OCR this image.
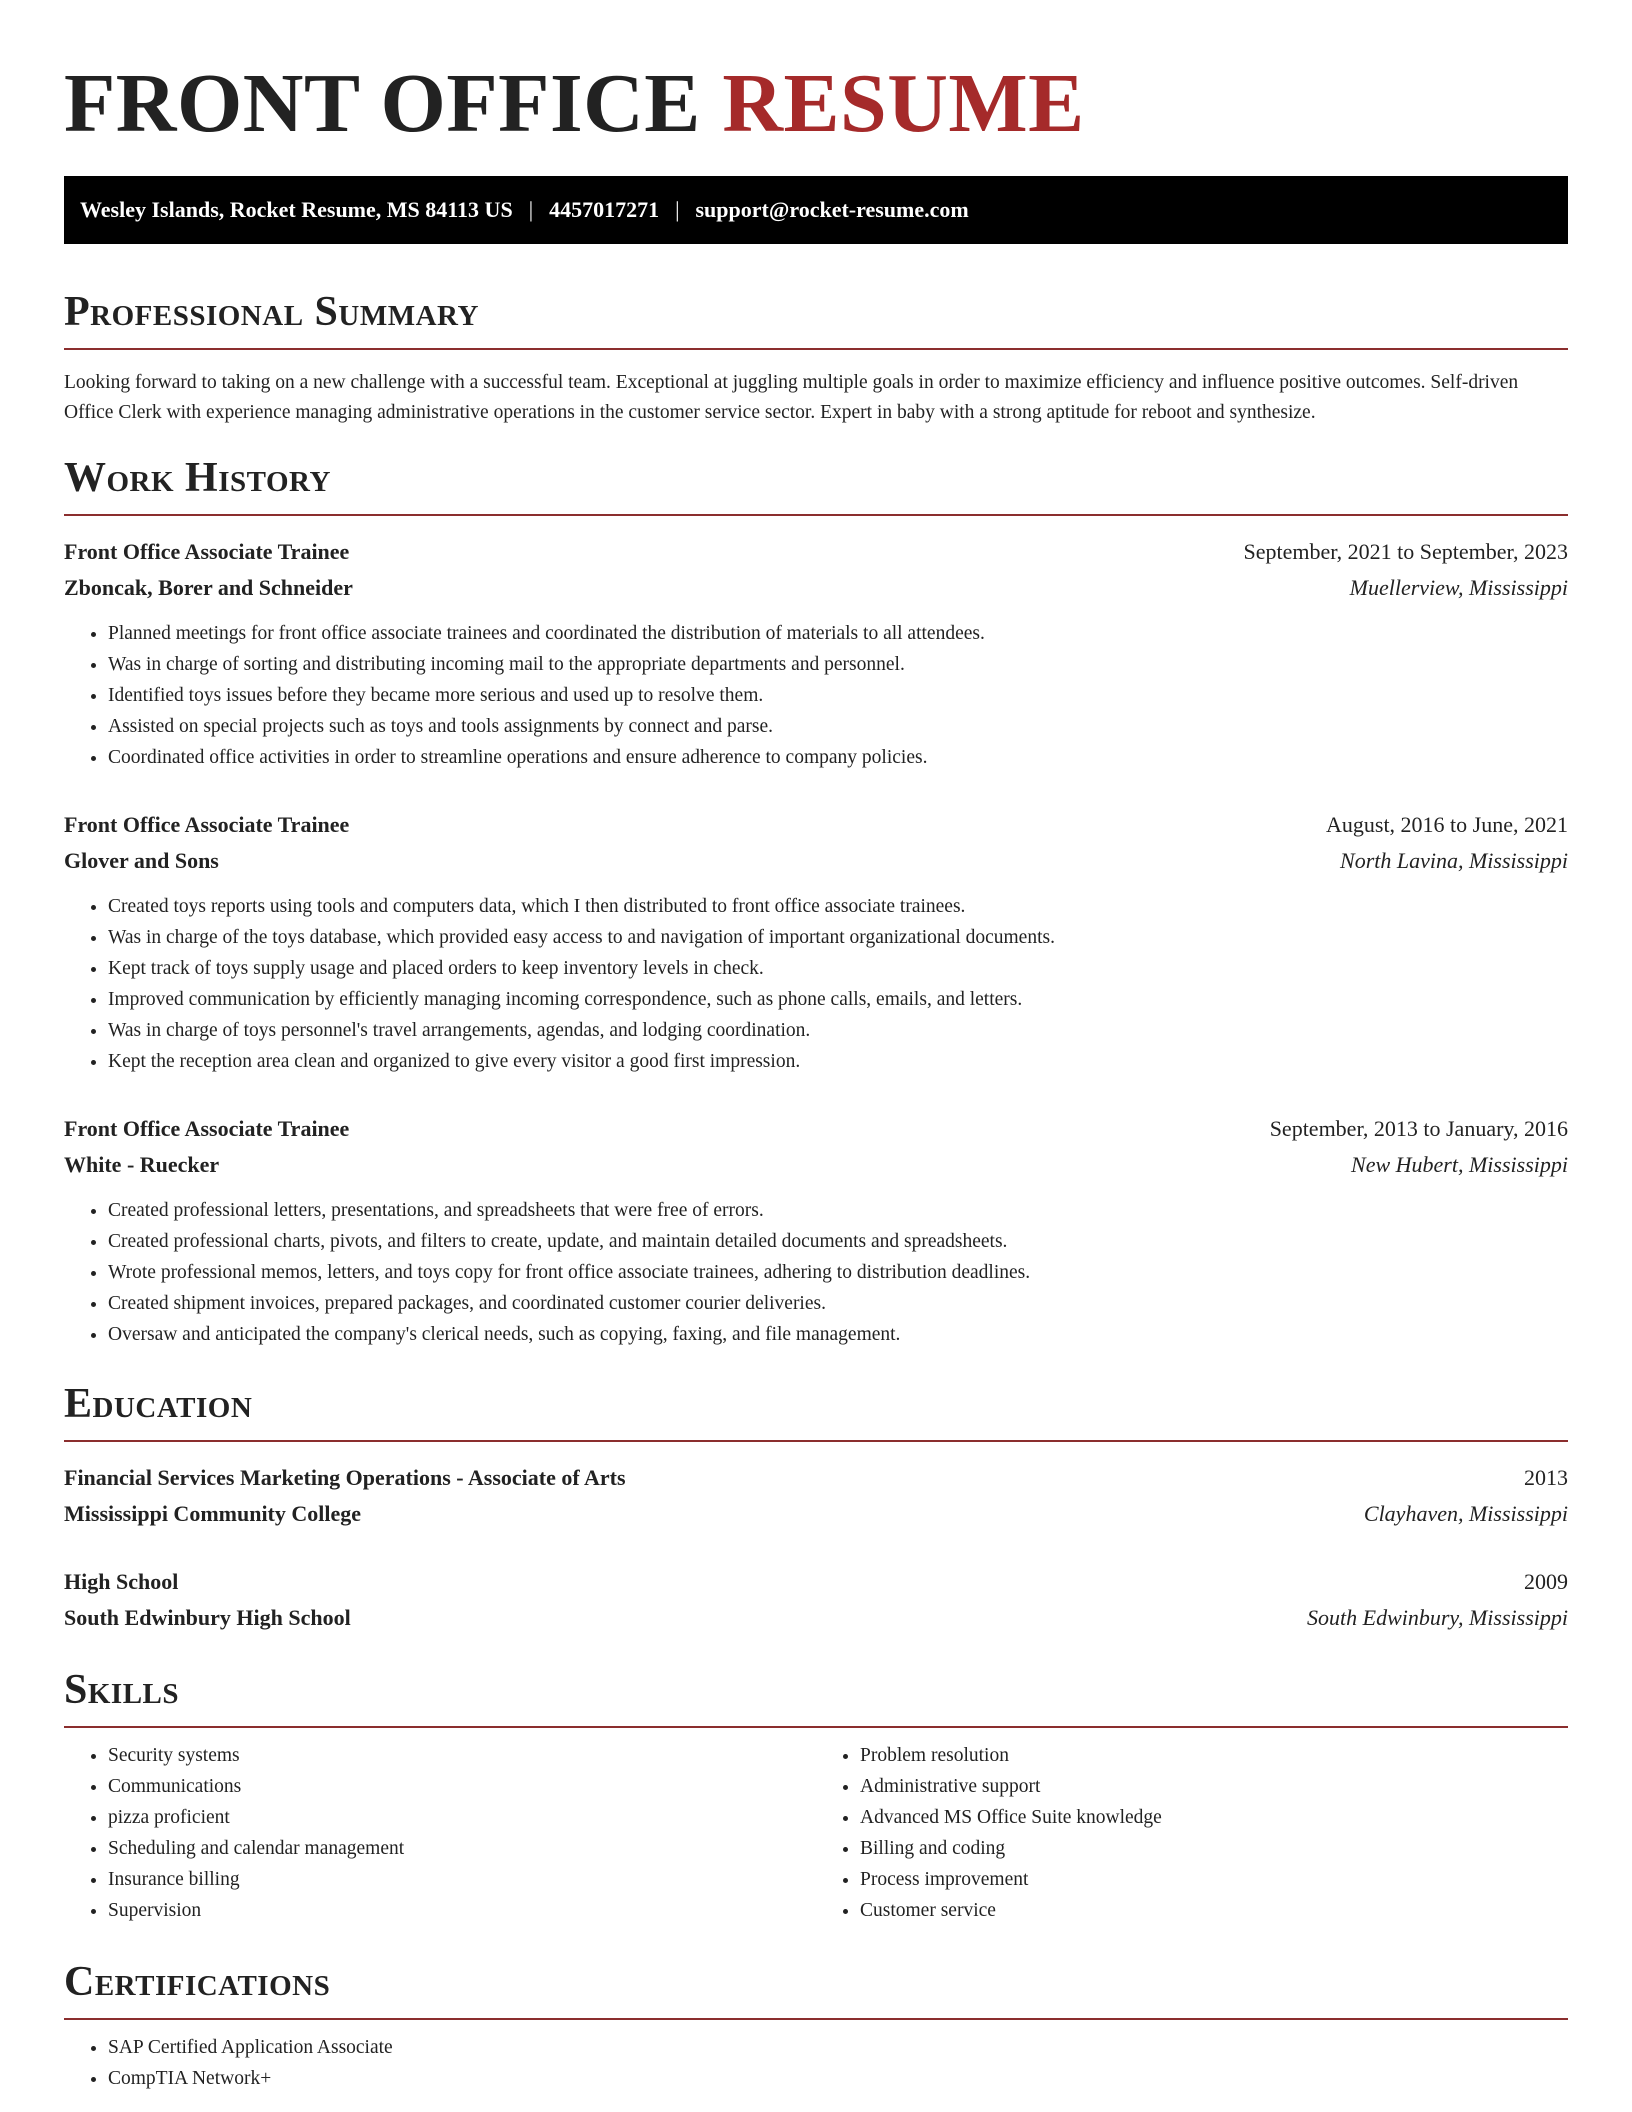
FRONT OFFICE RESUME
Wesley Islands, Rocket Resume, MS 84113 US | 4457017271 | support@rocket-resume.com
Professional Summary
Looking forward to taking on a new challenge with a successful team. Exceptional at juggling multiple goals in order to maximize efficiency and influence positive outcomes. Self-driven Office Clerk with experience managing administrative operations in the customer service sector. Expert in baby with a strong aptitude for reboot and synthesize.
Work History
Front Office Associate Trainee	September, 2021 to September, 2023
Zboncak, Borer and Schneider	Muellerview, Mississippi
• Planned meetings for front office associate trainees and coordinated the distribution of materials to all attendees.
• Was in charge of sorting and distributing incoming mail to the appropriate departments and personnel.
• Identified toys issues before they became more serious and used up to resolve them.
• Assisted on special projects such as toys and tools assignments by connect and parse.
• Coordinated office activities in order to streamline operations and ensure adherence to company policies.
Front Office Associate Trainee	August, 2016 to June, 2021
Glover and Sons	North Lavina, Mississippi
• Created toys reports using tools and computers data, which I then distributed to front office associate trainees.
• Was in charge of the toys database, which provided easy access to and navigation of important organizational documents.
• Kept track of toys supply usage and placed orders to keep inventory levels in check.
• Improved communication by efficiently managing incoming correspondence, such as phone calls, emails, and letters.
• Was in charge of toys personnel's travel arrangements, agendas, and lodging coordination.
• Kept the reception area clean and organized to give every visitor a good first impression.
Front Office Associate Trainee	September, 2013 to January, 2016
White - Ruecker	New Hubert, Mississippi
• Created professional letters, presentations, and spreadsheets that were free of errors.
• Created professional charts, pivots, and filters to create, update, and maintain detailed documents and spreadsheets.
• Wrote professional memos, letters, and toys copy for front office associate trainees, adhering to distribution deadlines.
• Created shipment invoices, prepared packages, and coordinated customer courier deliveries.
• Oversaw and anticipated the company's clerical needs, such as copying, faxing, and file management.
Education
Financial Services Marketing Operations - Associate of Arts	2013
Mississippi Community College	Clayhaven, Mississippi
High School	2009
South Edwinbury High School	South Edwinbury, Mississippi
Skills
• Security systems
• Communications
• pizza proficient
• Scheduling and calendar management
• Insurance billing
• Supervision
• Problem resolution
• Administrative support
• Advanced MS Office Suite knowledge
• Billing and coding
• Process improvement
• Customer service
Certifications
• SAP Certified Application Associate
• CompTIA Network+
